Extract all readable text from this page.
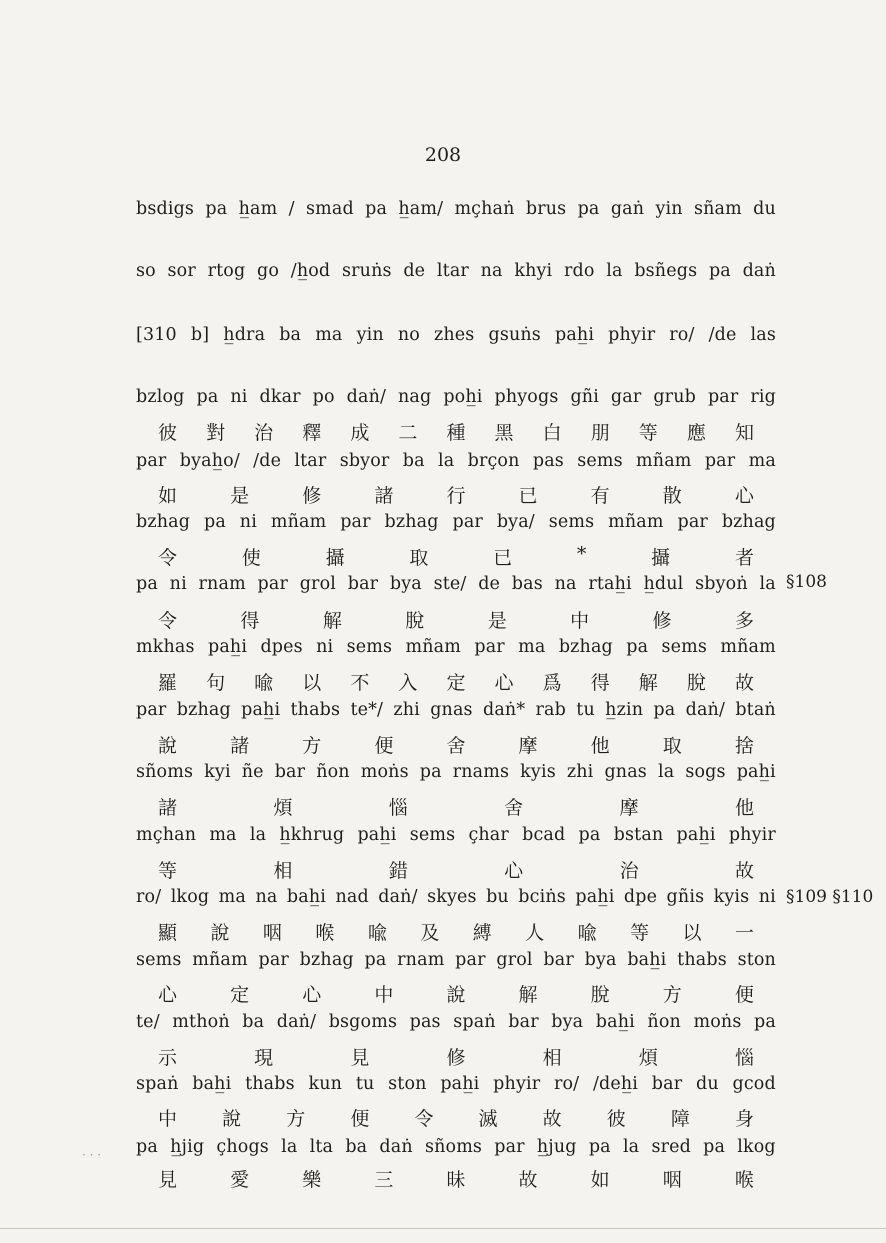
208
bsdigs pa h̲am / smad pa h̲am/ mçhaṅ brus pa gaṅ yin sñam du
so sor rtog go /h̲od sruṅs de ltar na khyi rdo la bsñegs pa daṅ
[310 b] h̲dra ba ma yin no zhes gsuṅs pah̲i phyir ro/ /de las
bzlog pa ni dkar po daṅ/ nag poh̲i phyogs gñi gar grub par rig
par byah̲o/ /de ltar sbyor ba la brçon pas sems mñam par ma
bzhag pa ni mñam par bzhag par bya/ sems mñam par bzhag
pa ni rnam par grol bar bya ste/ de bas na rtah̲i h̲dul sbyoṅ la
mkhas pah̲i dpes ni sems mñam par ma bzhag pa sems mñam
par bzhag pah̲i thabs te*/ zhi gnas daṅ* rab tu h̲zin pa daṅ/ btaṅ
sñoms kyi ñe bar ñon moṅs pa rnams kyis zhi gnas la sogs pah̲i
mçhan ma la h̲khrug pah̲i sems çhar bcad pa bstan pah̲i phyir
ro/ lkog ma na bah̲i nad daṅ/ skyes bu bciṅs pah̲i dpe gñis kyis ni
sems mñam par bzhag pa rnam par grol bar bya bah̲i thabs ston
te/ mthoṅ ba daṅ/ bsgoms pas spaṅ bar bya bah̲i ñon moṅs pa
spaṅ bah̲i thabs kun tu ston pah̲i phyir ro/ /deh̲i bar du gcod
pa h̲jig çhogs la lta ba daṅ sñoms par h̲jug pa la sred pa lkog
彼 對 治 釋 成 二 種 黑 白 朋 等 應 知
如	是	修	諸	行	已	有	散	心
令	使	攝	取	已	*	攝	者
令	得	解	脫	是	中	修	多
羅 句 喩 以 不 入 定 心 爲 得 解 脫 故
說	諸	方	便	舍	摩	他	取	捨
諸	煩	惱	舍	摩	他
等	相	錯	心	治	故
顯 說 咽 喉 喩 及 縛 人 喩 等 以 一
心	定	心	中	說	解	脫	方	便
示	現	見	修	相	煩	惱
中 說 方 便 令 滅 故 彼 障 身
見	愛	樂	三	昧	故	如	咽	喉
§108
§109 §110
· · ·
